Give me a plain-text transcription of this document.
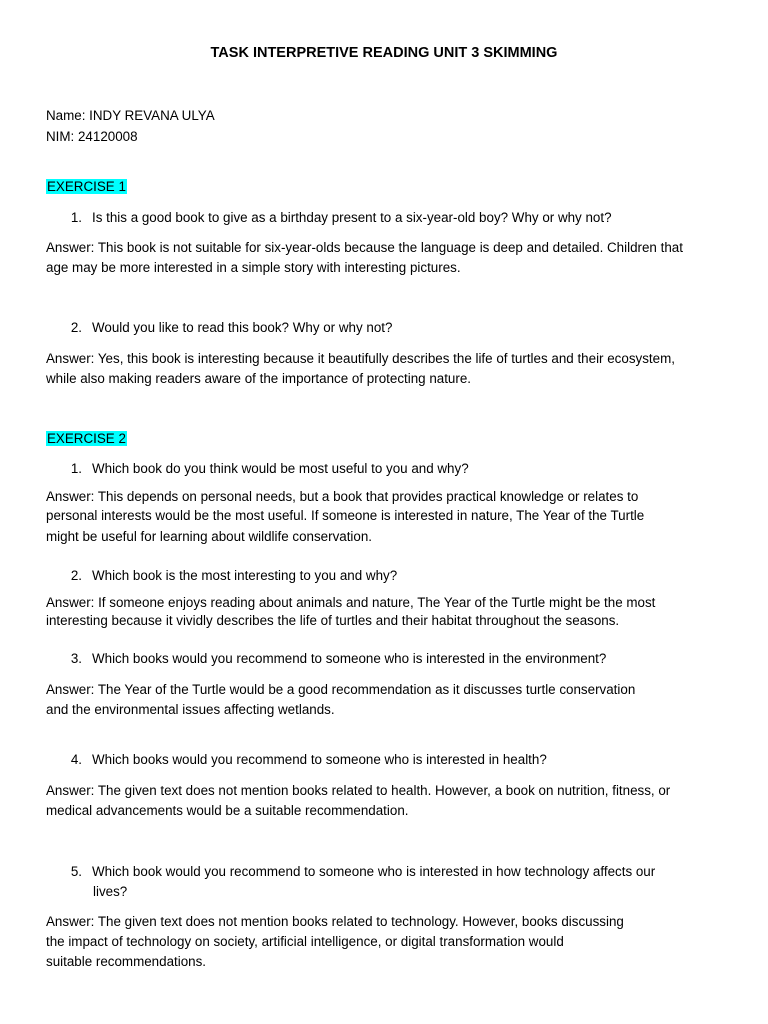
TASK INTERPRETIVE READING UNIT 3 SKIMMING
Name: INDY REVANA ULYA
NIM: 24120008
EXERCISE 1
1. Is this a good book to give as a birthday present to a six-year-old boy? Why or why not?
Answer: This book is not suitable for six-year-olds because the language is deep and detailed. Children that
age may be more interested in a simple story with interesting pictures.
2. Would you like to read this book? Why or why not?
Answer: Yes, this book is interesting because it beautifully describes the life of turtles and their ecosystem,
while also making readers aware of the importance of protecting nature.
EXERCISE 2
1. Which book do you think would be most useful to you and why?
Answer: This depends on personal needs, but a book that provides practical knowledge or relates to
personal interests would be the most useful. If someone is interested in nature, The Year of the Turtle
might be useful for learning about wildlife conservation.
2. Which book is the most interesting to you and why?
Answer: If someone enjoys reading about animals and nature, The Year of the Turtle might be the most
interesting because it vividly describes the life of turtles and their habitat throughout the seasons.
3. Which books would you recommend to someone who is interested in the environment?
Answer: The Year of the Turtle would be a good recommendation as it discusses turtle conservation
and the environmental issues affecting wetlands.
4. Which books would you recommend to someone who is interested in health?
Answer: The given text does not mention books related to health. However, a book on nutrition, fitness, or
medical advancements would be a suitable recommendation.
5. Which book would you recommend to someone who is interested in how technology affects our
lives?
Answer: The given text does not mention books related to technology. However, books discussing
the impact of technology on society, artificial intelligence, or digital transformation would
suitable recommendations.
